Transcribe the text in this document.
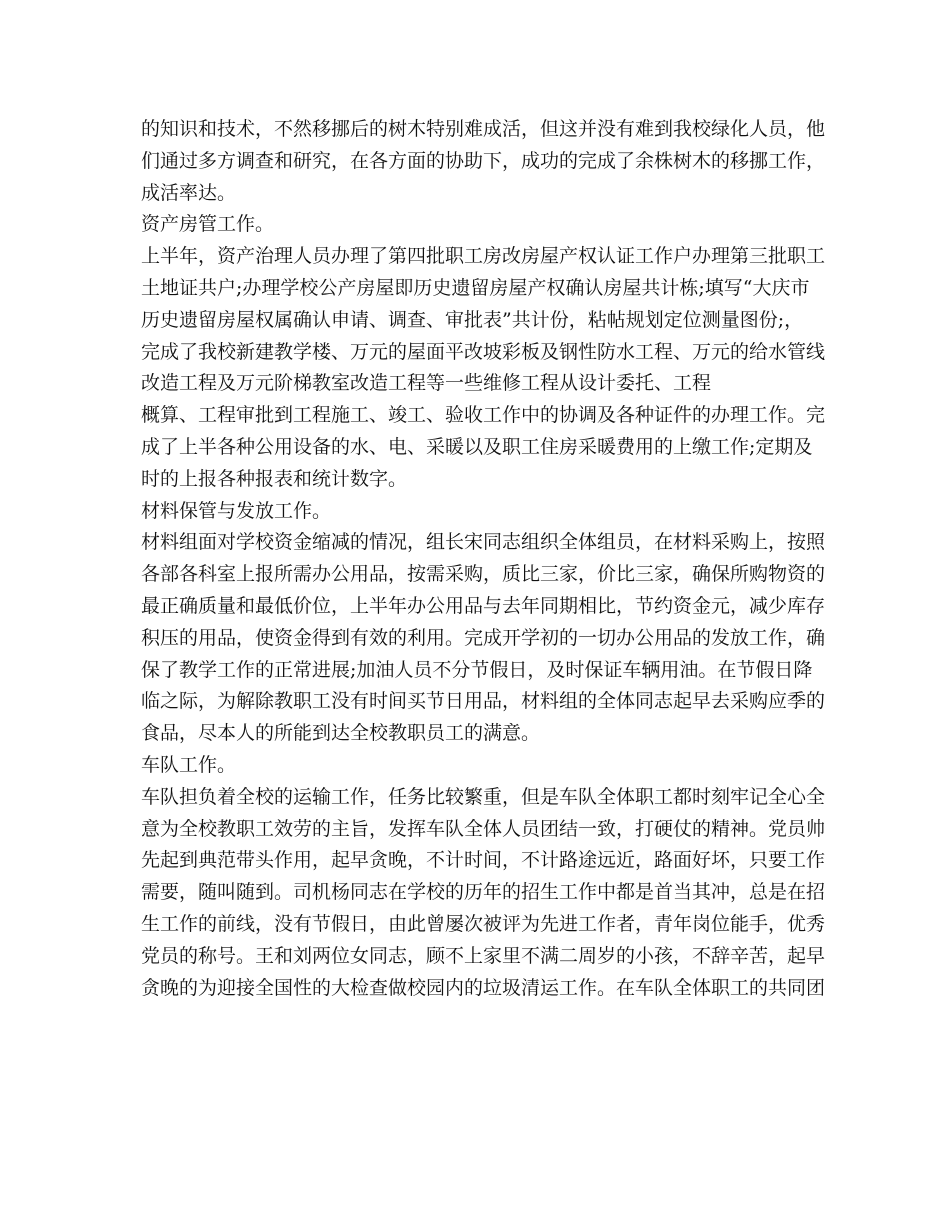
的知识和技术，不然移挪后的树木特别难成活，但这并没有难到我校绿化人员，他

们通过多方调查和研究，在各方面的协助下，成功的完成了余株树木的移挪工作，

成活率达。

资产房管工作。

上半年，资产治理人员办理了第四批职工房改房屋产权认证工作户办理第三批职工

土地证共户;办理学校公产房屋即历史遗留房屋产权确认房屋共计栋;填写“大庆市

历史遗留房屋权属确认申请、调查、审批表”共计份，粘帖规划定位测量图份;，

完成了我校新建教学楼、万元的屋面平改坡彩板及钢性防水工程、万元的给水管线

改造工程及万元阶梯教室改造工程等一些维修工程从设计委托、工程

概算、工程审批到工程施工、竣工、验收工作中的协调及各种证件的办理工作。完

成了上半各种公用设备的水、电、采暖以及职工住房采暖费用的上缴工作;定期及

时的上报各种报表和统计数字。

材料保管与发放工作。

材料组面对学校资金缩减的情况，组长宋同志组织全体组员，在材料采购上，按照

各部各科室上报所需办公用品，按需采购，质比三家，价比三家，确保所购物资的

最正确质量和最低价位，上半年办公用品与去年同期相比，节约资金元，减少库存

积压的用品，使资金得到有效的利用。完成开学初的一切办公用品的发放工作，确

保了教学工作的正常进展;加油人员不分节假日，及时保证车辆用油。在节假日降

临之际，为解除教职工没有时间买节日用品，材料组的全体同志起早去采购应季的

食品，尽本人的所能到达全校教职员工的满意。

车队工作。

车队担负着全校的运输工作，任务比较繁重，但是车队全体职工都时刻牢记全心全

意为全校教职工效劳的主旨，发挥车队全体人员团结一致，打硬仗的精神。党员帅

先起到典范带头作用，起早贪晚，不计时间，不计路途远近，路面好坏，只要工作

需要，随叫随到。司机杨同志在学校的历年的招生工作中都是首当其冲，总是在招

生工作的前线，没有节假日，由此曾屡次被评为先进工作者，青年岗位能手，优秀

党员的称号。王和刘两位女同志，顾不上家里不满二周岁的小孩，不辞辛苦，起早

贪晚的为迎接全国性的大检查做校园内的垃圾清运工作。在车队全体职工的共同团
